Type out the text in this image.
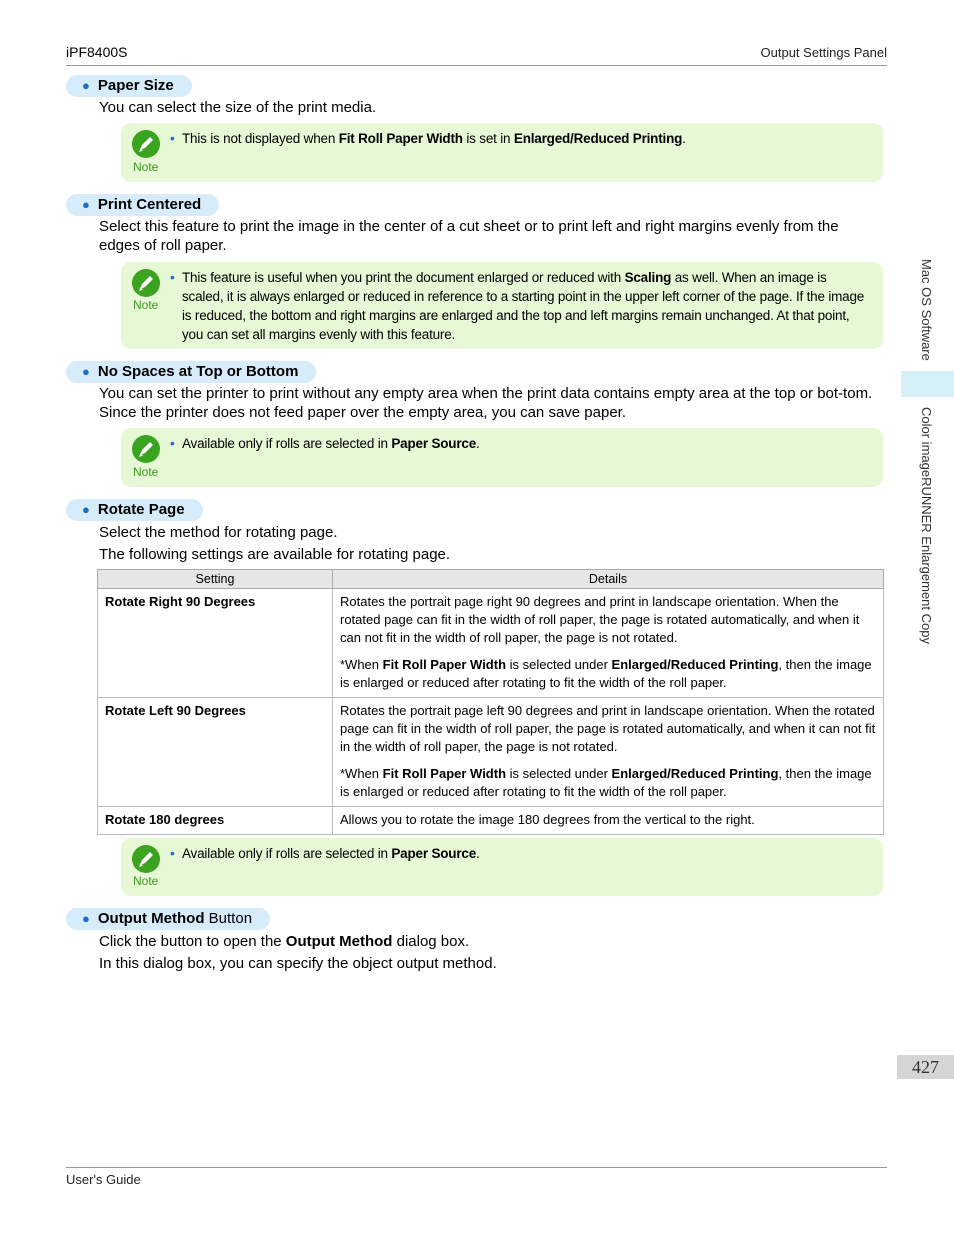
iPF8400S	Output Settings Panel
Mac OS Software
Color imageRUNNER Enlargement Copy
427
● Paper Size
You can select the size of the print media.
Note
• This is not displayed when Fit Roll Paper Width is set in Enlarged/Reduced Printing.
● Print Centered
Select this feature to print the image in the center of a cut sheet or to print left and right margins evenly from the edges of roll paper.
Note
• This feature is useful when you print the document enlarged or reduced with Scaling as well. When an image is scaled, it is always enlarged or reduced in reference to a starting point in the upper left corner of the page. If the image is reduced, the bottom and right margins are enlarged and the top and left margins remain unchanged. At that point, you can set all margins evenly with this feature.
● No Spaces at Top or Bottom
You can set the printer to print without any empty area when the print data contains empty area at the top or bot-tom. Since the printer does not feed paper over the empty area, you can save paper.
Note
• Available only if rolls are selected in Paper Source.
● Rotate Page
Select the method for rotating page.
The following settings are available for rotating page.
Setting	Details
Rotate Right 90 Degrees	Rotates the portrait page right 90 degrees and print in landscape orientation. When the rotated page can fit in the width of roll paper, the page is rotated automatically, and when it can not fit in the width of roll paper, the page is not rotated.

*When Fit Roll Paper Width is selected under Enlarged/Reduced Printing, then the image is enlarged or reduced after rotating to fit the width of the roll paper.

Rotate Left 90 Degrees	Rotates the portrait page left 90 degrees and print in landscape orientation. When the rotated page can fit in the width of roll paper, the page is rotated automatically, and when it can not fit in the width of roll paper, the page is not rotated.

*When Fit Roll Paper Width is selected under Enlarged/Reduced Printing, then the image is enlarged or reduced after rotating to fit the width of the roll paper.

Rotate 180 degrees	Allows you to rotate the image 180 degrees from the vertical to the right.

Note
• Available only if rolls are selected in Paper Source.
● Output Method Button
Click the button to open the Output Method dialog box.
In this dialog box, you can specify the object output method.
User's Guide
